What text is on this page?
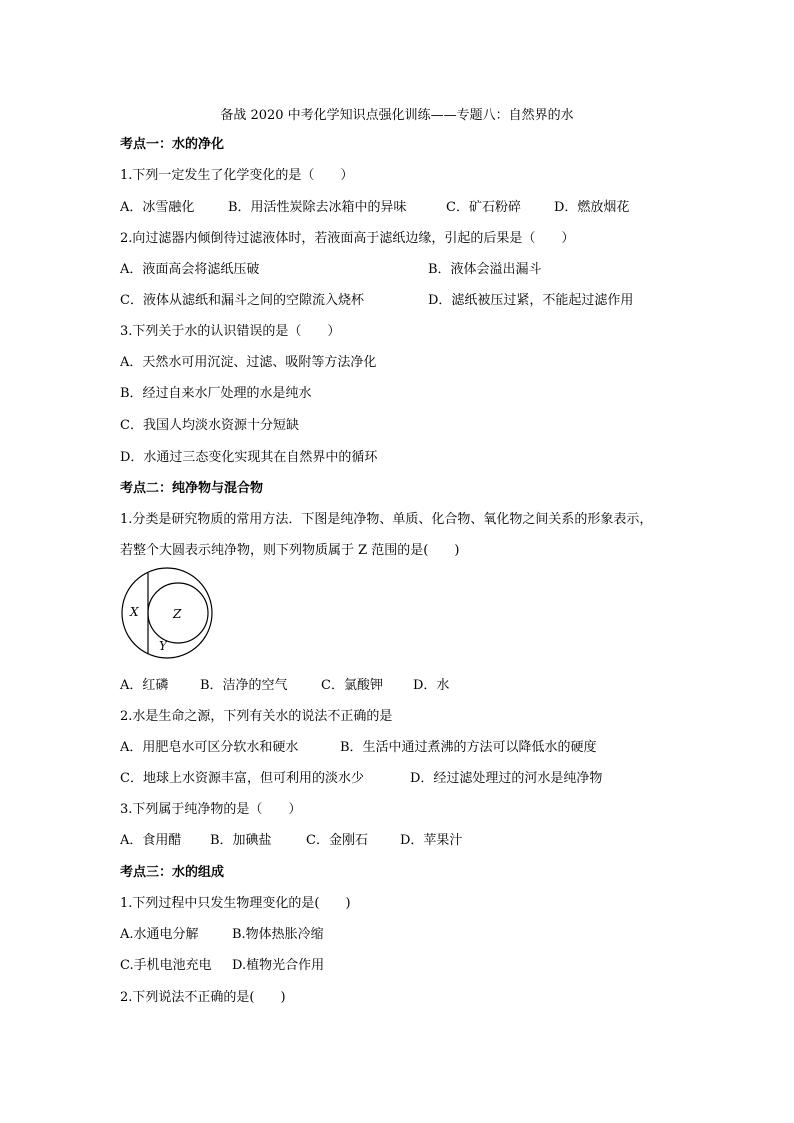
备战 2020 中考化学知识点强化训练——专题八：自然界的水
考点一：水的净化
1.下列一定发生了化学变化的是（　　）
A．冰雪融化	B．用活性炭除去冰箱中的异味	C．矿石粉碎	D．燃放烟花
2.向过滤器内倾倒待过滤液体时，若液面高于滤纸边缘，引起的后果是（　　）
A．液面高会将滤纸压破	B．液体会溢出漏斗
C．液体从滤纸和漏斗之间的空隙流入烧杯	D．滤纸被压过紧，不能起过滤作用
3.下列关于水的认识错误的是（　　）
A．天然水可用沉淀、过滤、吸附等方法净化
B．经过自来水厂处理的水是纯水
C．我国人均淡水资源十分短缺
D．水通过三态变化实现其在自然界中的循环
考点二：纯净物与混合物
1.分类是研究物质的常用方法．下图是纯净物、单质、化合物、氧化物之间关系的形象表示，
若整个大圆表示纯净物，则下列物质属于 Z 范围的是(　　)
X
Y
Z
A．红磷 B．洁净的空气	C．氯酸钾 D．水
2.水是生命之源，下列有关水的说法不正确的是
A．用肥皂水可区分软水和硬水	B．生活中通过煮沸的方法可以降低水的硬度
C．地球上水资源丰富，但可利用的淡水少	D．经过滤处理过的河水是纯净物
3.下列属于纯净物的是（　　）
A．食用醋 B．加碘盐	C．金刚石 D．苹果汁
考点三：水的组成
1.下列过程中只发生物理变化的是(　　)
A.水通电分解	B.物体热胀冷缩
C.手机电池充电 D.植物光合作用
2.下列说法不正确的是(　　)
